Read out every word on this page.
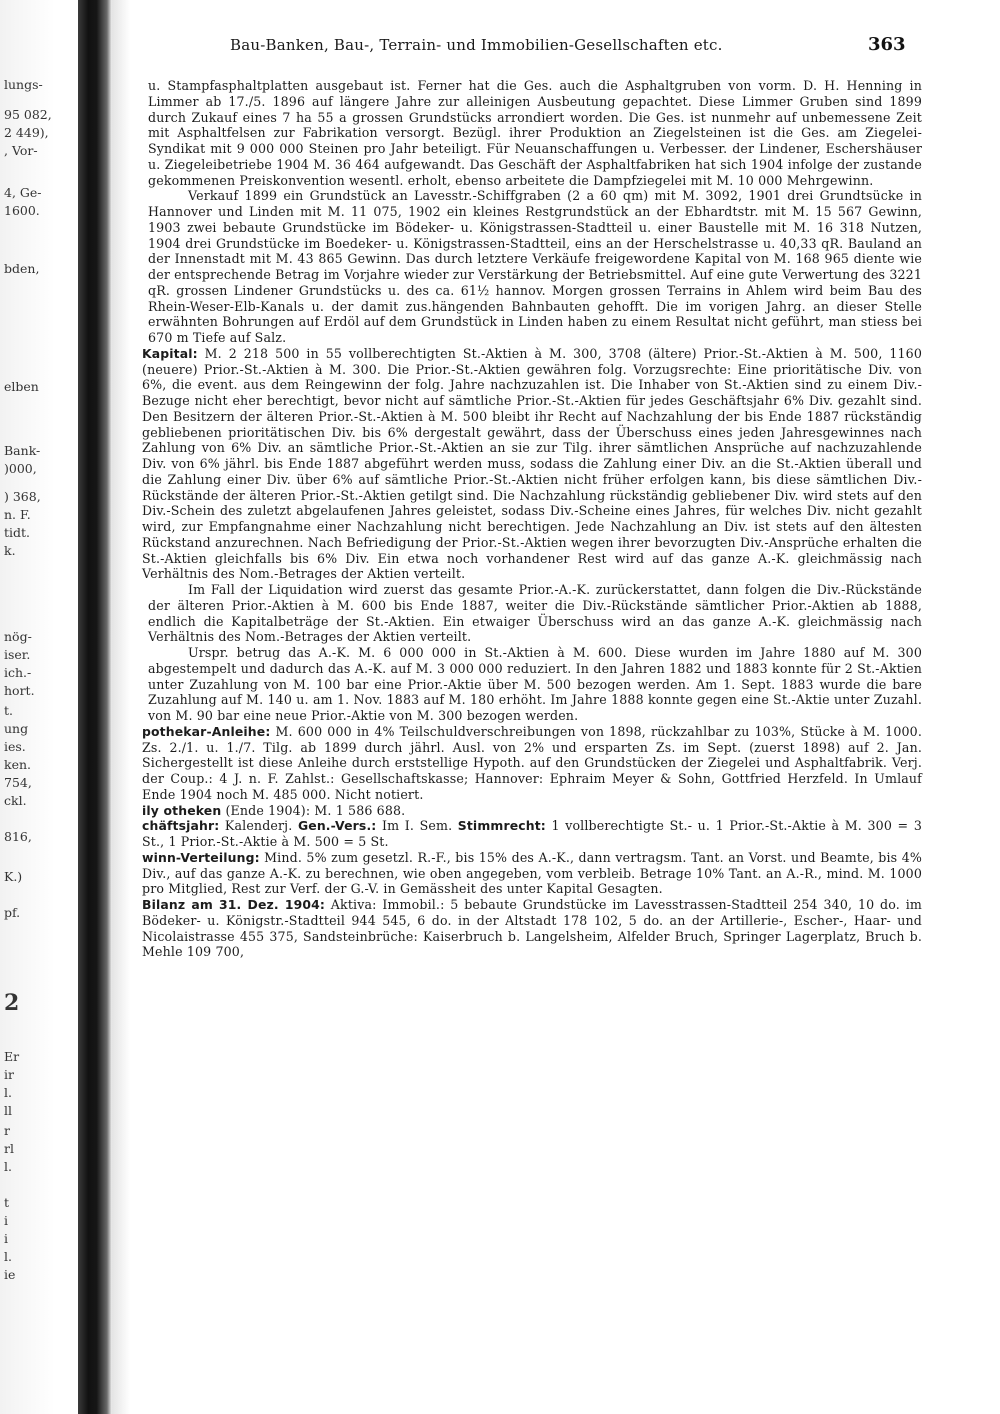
lungs-
95 082,
2 449),
, Vor-
4, Ge-
1600.
bden,
elben
Bank-
)000,
) 368,
n. F.
tidt.
k.
nög-
iser.
ich.-
hort.
t.
ung
ies.
ken.
754,
ckl.
816,
K.)
pf.
2
Er
ir
l.
ll
r
rl
l.
t
i
i
l.
ie
Bau-Banken, Bau-, Terrain- und Immobilien-Gesellschaften etc.	363

u. Stampfasphaltplatten ausgebaut ist. Ferner hat die Ges. auch die Asphaltgruben von vorm. D. H. Henning in Limmer ab 17./5. 1896 auf längere Jahre zur alleinigen Ausbeutung gepachtet. Diese Limmer Gruben sind 1899 durch Zukauf eines 7 ha 55 a grossen Grundstücks arrondiert worden. Die Ges. ist nunmehr auf unbemessene Zeit mit Asphaltfelsen zur Fabrikation versorgt. Bezügl. ihrer Produktion an Ziegelsteinen ist die Ges. am Ziegelei-Syndikat mit 9 000 000 Steinen pro Jahr beteiligt. Für Neuanschaffungen u. Verbesser. der Lindener, Eschershäuser u. Ziegeleibetriebe 1904 M. 36 464 aufgewandt. Das Geschäft der Asphaltfabriken hat sich 1904 infolge der zustande gekommenen Preiskonvention wesentl. erholt, ebenso arbeitete die Dampfziegelei mit M. 10 000 Mehrgewinn.

Verkauf 1899 ein Grundstück an Lavesstr.-Schiffgraben (2 a 60 qm) mit M. 3092, 1901 drei Grundtsücke in Hannover und Linden mit M. 11 075, 1902 ein kleines Restgrundstück an der Ebhardtstr. mit M. 15 567 Gewinn, 1903 zwei bebaute Grundstücke im Bödeker- u. Königstrassen-Stadtteil u. einer Baustelle mit M. 16 318 Nutzen, 1904 drei Grundstücke im Boedeker- u. Königstrassen-Stadtteil, eins an der Herschelstrasse u. 40,33 qR. Bauland an der Innenstadt mit M. 43 865 Gewinn. Das durch letztere Verkäufe freigewordene Kapital von M. 168 965 diente wie der entsprechende Betrag im Vorjahre wieder zur Verstärkung der Betriebsmittel. Auf eine gute Verwertung des 3221 qR. grossen Lindener Grundstücks u. des ca. 61½ hannov. Morgen grossen Terrains in Ahlem wird beim Bau des Rhein-Weser-Elb-Kanals u. der damit zus.hängenden Bahnbauten gehofft. Die im vorigen Jahrg. an dieser Stelle erwähnten Bohrungen auf Erdöl auf dem Grundstück in Linden haben zu einem Resultat nicht geführt, man stiess bei 670 m Tiefe auf Salz.

Kapital: M. 2 218 500 in 55 vollberechtigten St.-Aktien à M. 300, 3708 (ältere) Prior.-St.-Aktien à M. 500, 1160 (neuere) Prior.-St.-Aktien à M. 300. Die Prior.-St.-Aktien gewähren folg. Vorzugsrechte: Eine prioritätische Div. von 6%, die event. aus dem Reingewinn der folg. Jahre nachzuzahlen ist. Die Inhaber von St.-Aktien sind zu einem Div.-Bezuge nicht eher berechtigt, bevor nicht auf sämtliche Prior.-St.-Aktien für jedes Geschäftsjahr 6% Div. gezahlt sind. Den Besitzern der älteren Prior.-St.-Aktien à M. 500 bleibt ihr Recht auf Nachzahlung der bis Ende 1887 rückständig gebliebenen prioritätischen Div. bis 6% dergestalt gewährt, dass der Überschuss eines jeden Jahresgewinnes nach Zahlung von 6% Div. an sämtliche Prior.-St.-Aktien an sie zur Tilg. ihrer sämtlichen Ansprüche auf nachzuzahlende Div. von 6% jährl. bis Ende 1887 abgeführt werden muss, sodass die Zahlung einer Div. an die St.-Aktien überall und die Zahlung einer Div. über 6% auf sämtliche Prior.-St.-Aktien nicht früher erfolgen kann, bis diese sämtlichen Div.-Rückstände der älteren Prior.-St.-Aktien getilgt sind. Die Nachzahlung rückständig gebliebener Div. wird stets auf den Div.-Schein des zuletzt abgelaufenen Jahres geleistet, sodass Div.-Scheine eines Jahres, für welches Div. nicht gezahlt wird, zur Empfangnahme einer Nachzahlung nicht berechtigen. Jede Nachzahlung an Div. ist stets auf den ältesten Rückstand anzurechnen. Nach Befriedigung der Prior.-St.-Aktien wegen ihrer bevorzugten Div.-Ansprüche erhalten die St.-Aktien gleichfalls bis 6% Div. Ein etwa noch vorhandener Rest wird auf das ganze A.-K. gleichmässig nach Verhältnis des Nom.-Betrages der Aktien verteilt.

Im Fall der Liquidation wird zuerst das gesamte Prior.-A.-K. zurückerstattet, dann folgen die Div.-Rückstände der älteren Prior.-Aktien à M. 600 bis Ende 1887, weiter die Div.-Rückstände sämtlicher Prior.-Aktien ab 1888, endlich die Kapitalbeträge der St.-Aktien. Ein etwaiger Überschuss wird an das ganze A.-K. gleichmässig nach Verhältnis des Nom.-Betrages der Aktien verteilt.

Urspr. betrug das A.-K. M. 6 000 000 in St.-Aktien à M. 600. Diese wurden im Jahre 1880 auf M. 300 abgestempelt und dadurch das A.-K. auf M. 3 000 000 reduziert. In den Jahren 1882 und 1883 konnte für 2 St.-Aktien unter Zuzahlung von M. 100 bar eine Prior.-Aktie über M. 500 bezogen werden. Am 1. Sept. 1883 wurde die bare Zuzahlung auf M. 140 u. am 1. Nov. 1883 auf M. 180 erhöht. Im Jahre 1888 konnte gegen eine St.-Aktie unter Zuzahl. von M. 90 bar eine neue Prior.-Aktie von M. 300 bezogen werden.

pothekar-Anleihe: M. 600 000 in 4% Teilschuldverschreibungen von 1898, rückzahlbar zu 103%, Stücke à M. 1000. Zs. 2./1. u. 1./7. Tilg. ab 1899 durch jährl. Ausl. von 2% und ersparten Zs. im Sept. (zuerst 1898) auf 2. Jan. Sichergestellt ist diese Anleihe durch erststellige Hypoth. auf den Grundstücken der Ziegelei und Asphaltfabrik. Verj. der Coup.: 4 J. n. F. Zahlst.: Gesellschaftskasse; Hannover: Ephraim Meyer & Sohn, Gottfried Herzfeld. In Umlauf Ende 1904 noch M. 485 000. Nicht notiert.

ily otheken (Ende 1904): M. 1 586 688.

chäftsjahr: Kalenderj. Gen.-Vers.: Im I. Sem. Stimmrecht: 1 vollberechtigte St.- u. 1 Prior.-St.-Aktie à M. 300 = 3 St., 1 Prior.-St.-Aktie à M. 500 = 5 St.

winn-Verteilung: Mind. 5% zum gesetzl. R.-F., bis 15% des A.-K., dann vertragsm. Tant. an Vorst. und Beamte, bis 4% Div., auf das ganze A.-K. zu berechnen, wie oben angegeben, vom verbleib. Betrage 10% Tant. an A.-R., mind. M. 1000 pro Mitglied, Rest zur Verf. der G.-V. in Gemässheit des unter Kapital Gesagten.

Bilanz am 31. Dez. 1904: Aktiva: Immobil.: 5 bebaute Grundstücke im Lavesstrassen-Stadtteil 254 340, 10 do. im Bödeker- u. Königstr.-Stadtteil 944 545, 6 do. in der Altstadt 178 102, 5 do. an der Artillerie-, Escher-, Haar- und Nicolaistrasse 455 375, Sandsteinbrüche: Kaiserbruch b. Langelsheim, Alfelder Bruch, Springer Lagerplatz, Bruch b. Mehle 109 700,
